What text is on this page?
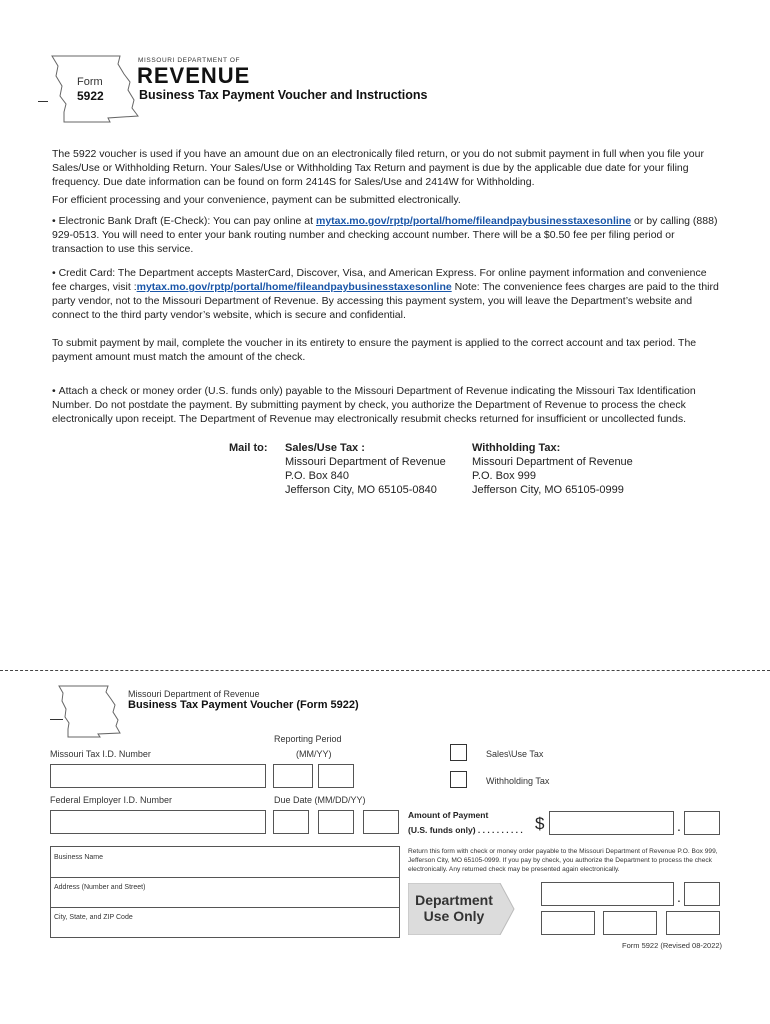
Form
5922
MISSOURI DEPARTMENT OF
REVENUE
Business Tax Payment Voucher and Instructions
The 5922 voucher is used if you have an amount due on an electronically filed return, or you do not submit payment in full when you file your Sales/Use or Withholding Return. Your Sales/Use or Withholding Tax Return and payment is due by the applicable due date for your filing frequency. Due date information can be found on form 2414S for Sales/Use and 2414W for Withholding.
For efficient processing and your convenience, payment can be submitted electronically.
• Electronic Bank Draft (E-Check): You can pay online at mytax.mo.gov/rptp/portal/home/fileandpaybusinesstaxesonline or by calling (888) 929-0513. You will need to enter your bank routing number and checking account number. There will be a $0.50 fee per filing period or transaction to use this service.
• Credit Card: The Department accepts MasterCard, Discover, Visa, and American Express. For online payment information and convenience fee charges, visit :mytax.mo.gov/rptp/portal/home/fileandpaybusinesstaxesonline Note: The convenience fees charges are paid to the third party vendor, not to the Missouri Department of Revenue. By accessing this payment system, you will leave the Department’s website and connect to the third party vendor’s website, which is secure and confidential.
To submit payment by mail, complete the voucher in its entirety to ensure the payment is applied to the correct account and tax period. The payment amount must match the amount of the check.
• Attach a check or money order (U.S. funds only) payable to the Missouri Department of Revenue indicating the Missouri Tax Identification Number. Do not postdate the payment. By submitting payment by check, you authorize the Department of Revenue to process the check electronically upon receipt. The Department of Revenue may electronically resubmit checks returned for insufficient or uncollected funds.
Mail to: Sales/Use Tax :
Missouri Department of Revenue
P.O. Box 840
Jefferson City, MO 65105-0840
Withholding Tax:
Missouri Department of Revenue
P.O. Box 999
Jefferson City, MO 65105-0999
Missouri Department of Revenue
Business Tax Payment Voucher (Form 5922)
Reporting Period
(MM/YY)
Missouri Tax I.D. Number	Sales\Use Tax
Withholding Tax
Federal Employer I.D. Number	Due Date (MM/DD/YY)
Amount of Payment
(U.S. funds only) . . . . . . . . . . $	.
Business Name
Address (Number and Street)
City, State, and ZIP Code
Return this form with check or money order payable to the Missouri Department of Revenue P.O. Box 999, Jefferson City, MO 65105-0999. If you pay by check, you authorize the Department to process the check electronically. Any returned check may be presented again electronically.
Department
Use Only
.
Form 5922 (Revised 08-2022)
